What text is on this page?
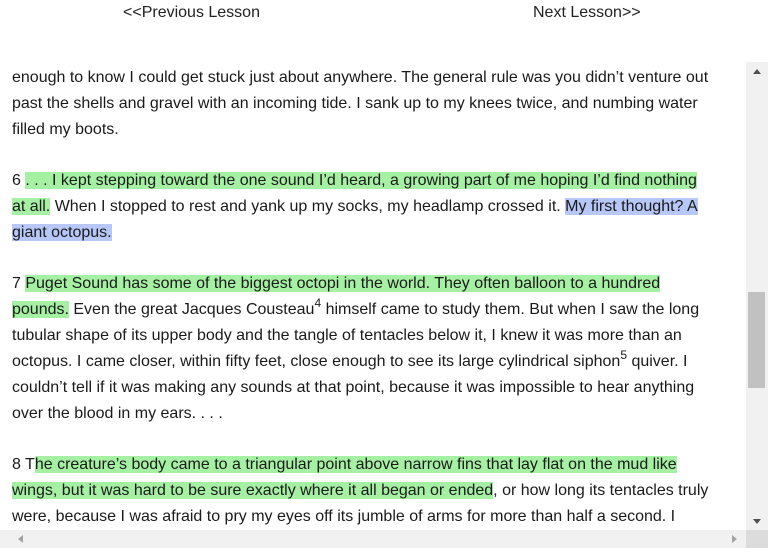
<<Previous Lesson	Next Lesson>>

enough to know I could get stuck just about anywhere. The general rule was you didn’t venture out
past the shells and gravel with an incoming tide. I sank up to my knees twice, and numbing water
filled my boots.

6 . . . I kept stepping toward the one sound I’d heard, a growing part of me hoping I’d find nothing
at all. When I stopped to rest and yank up my socks, my headlamp crossed it. My first thought? A
giant octopus.

7 Puget Sound has some of the biggest octopi in the world. They often balloon to a hundred
pounds. Even the great Jacques Cousteau$^4$ himself came to study them. But when I saw the long
tubular shape of its upper body and the tangle of tentacles below it, I knew it was more than an
octopus. I came closer, within fifty feet, close enough to see its large cylindrical siphon$^5$ quiver. I
couldn’t tell if it was making any sounds at that point, because it was impossible to hear anything
over the blood in my ears. . . .

8 The creature’s body came to a triangular point above narrow fins that lay flat on the mud like
wings, but it was hard to be sure exactly where it all began or ended, or how long its tentacles truly
were, because I was afraid to pry my eyes off its jumble of arms for more than half a second. I
